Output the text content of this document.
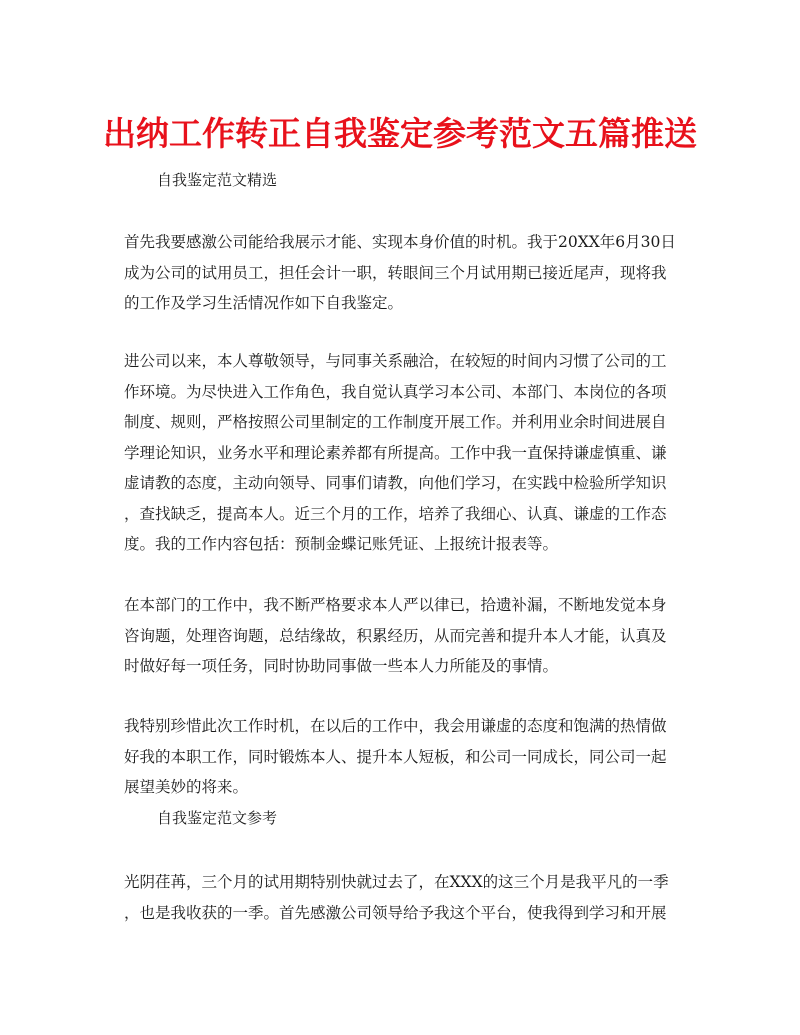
出纳工作转正自我鉴定参考范文五篇推送
自我鉴定范文精选
首先我要感激公司能给我展示才能、实现本身价值的时机。我于20XX年6月30日
成为公司的试用员工，担任会计一职，转眼间三个月试用期已接近尾声，现将我
的工作及学习生活情况作如下自我鉴定。
进公司以来，本人尊敬领导，与同事关系融洽，在较短的时间内习惯了公司的工
作环境。为尽快进入工作角色，我自觉认真学习本公司、本部门、本岗位的各项
制度、规则，严格按照公司里制定的工作制度开展工作。并利用业余时间进展自
学理论知识，业务水平和理论素养都有所提高。工作中我一直保持谦虚慎重、谦
虚请教的态度，主动向领导、同事们请教，向他们学习，在实践中检验所学知识
，查找缺乏，提高本人。近三个月的工作，培养了我细心、认真、谦虚的工作态
度。我的工作内容包括：预制金蝶记账凭证、上报统计报表等。
在本部门的工作中，我不断严格要求本人严以律已，拾遗补漏，不断地发觉本身
咨询题，处理咨询题，总结缘故，积累经历，从而完善和提升本人才能，认真及
时做好每一项任务，同时协助同事做一些本人力所能及的事情。
我特别珍惜此次工作时机，在以后的工作中，我会用谦虚的态度和饱满的热情做
好我的本职工作，同时锻炼本人、提升本人短板，和公司一同成长，同公司一起
展望美妙的将来。
自我鉴定范文参考
光阴荏苒，三个月的试用期特别快就过去了，在XXX的这三个月是我平凡的一季
，也是我收获的一季。首先感激公司领导给予我这个平台，使我得到学习和开展
